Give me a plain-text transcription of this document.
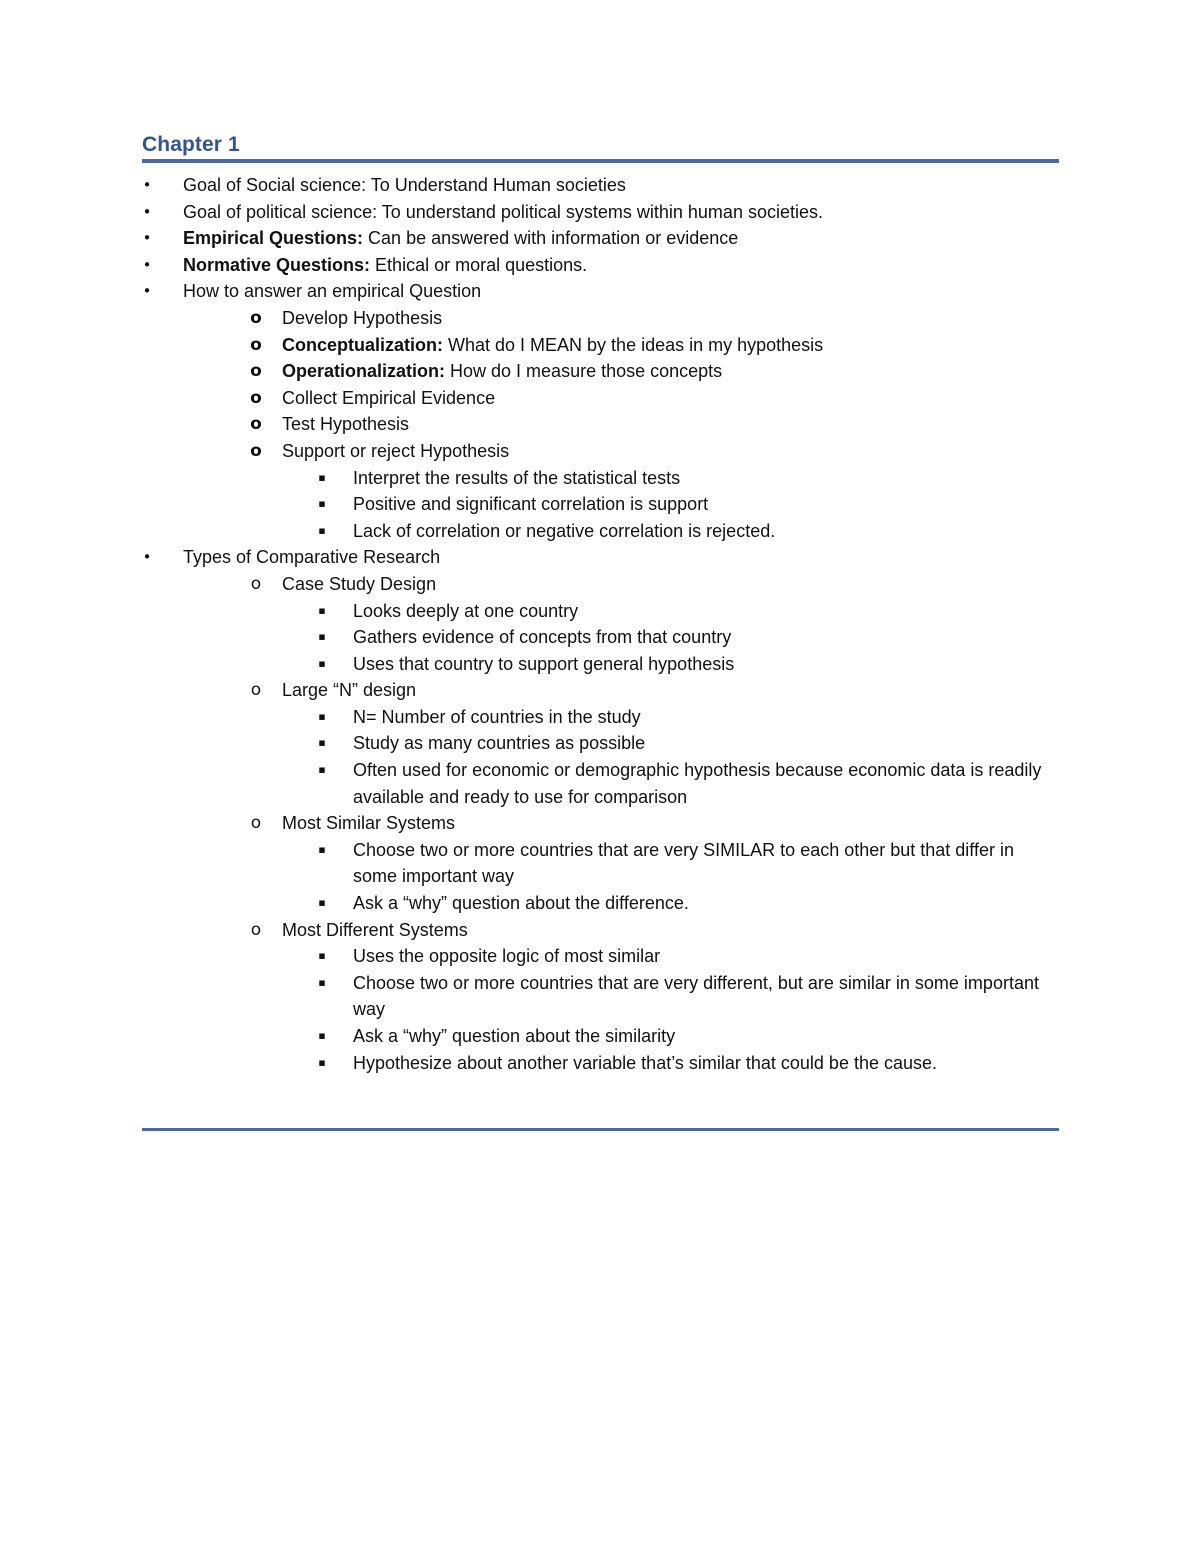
Chapter 1
• Goal of Social science: To Understand Human societies
• Goal of political science: To understand political systems within human societies.
• Empirical Questions: Can be answered with information or evidence
• Normative Questions: Ethical or moral questions.
• How to answer an empirical Question
o Develop Hypothesis
o Conceptualization: What do I MEAN by the ideas in my hypothesis
o Operationalization: How do I measure those concepts
o Collect Empirical Evidence
o Test Hypothesis
o Support or reject Hypothesis
▪ Interpret the results of the statistical tests
▪ Positive and significant correlation is support
▪ Lack of correlation or negative correlation is rejected.
• Types of Comparative Research
o Case Study Design
▪ Looks deeply at one country
▪ Gathers evidence of concepts from that country
▪ Uses that country to support general hypothesis
o Large “N” design
▪ N= Number of countries in the study
▪ Study as many countries as possible
▪ Often used for economic or demographic hypothesis because economic data is readily available and ready to use for comparison
o Most Similar Systems
▪ Choose two or more countries that are very SIMILAR to each other but that differ in some important way
▪ Ask a “why” question about the difference.
o Most Different Systems
▪ Uses the opposite logic of most similar
▪ Choose two or more countries that are very different, but are similar in some important way
▪ Ask a “why” question about the similarity
▪ Hypothesize about another variable that’s similar that could be the cause.
